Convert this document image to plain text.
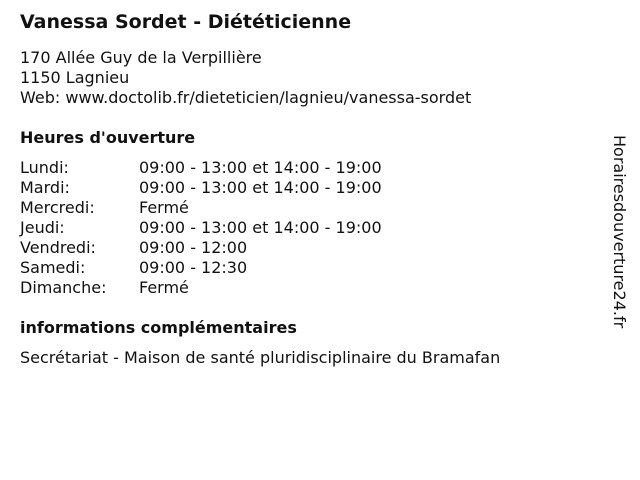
Vanessa Sordet - Diététicienne
170 Allée Guy de la Verpillière
1150 Lagnieu
Web: www.doctolib.fr/dieteticien/lagnieu/vanessa-sordet
Heures d'ouverture
Lundi:	09:00 - 13:00 et 14:00 - 19:00
Mardi:	09:00 - 13:00 et 14:00 - 19:00
Mercredi:	Fermé
Jeudi:	09:00 - 13:00 et 14:00 - 19:00
Vendredi:	09:00 - 12:00
Samedi:	09:00 - 12:30
Dimanche: Fermé
informations complémentaires
Secrétariat - Maison de santé pluridisciplinaire du Bramafan
Horairesdouverture24.fr
